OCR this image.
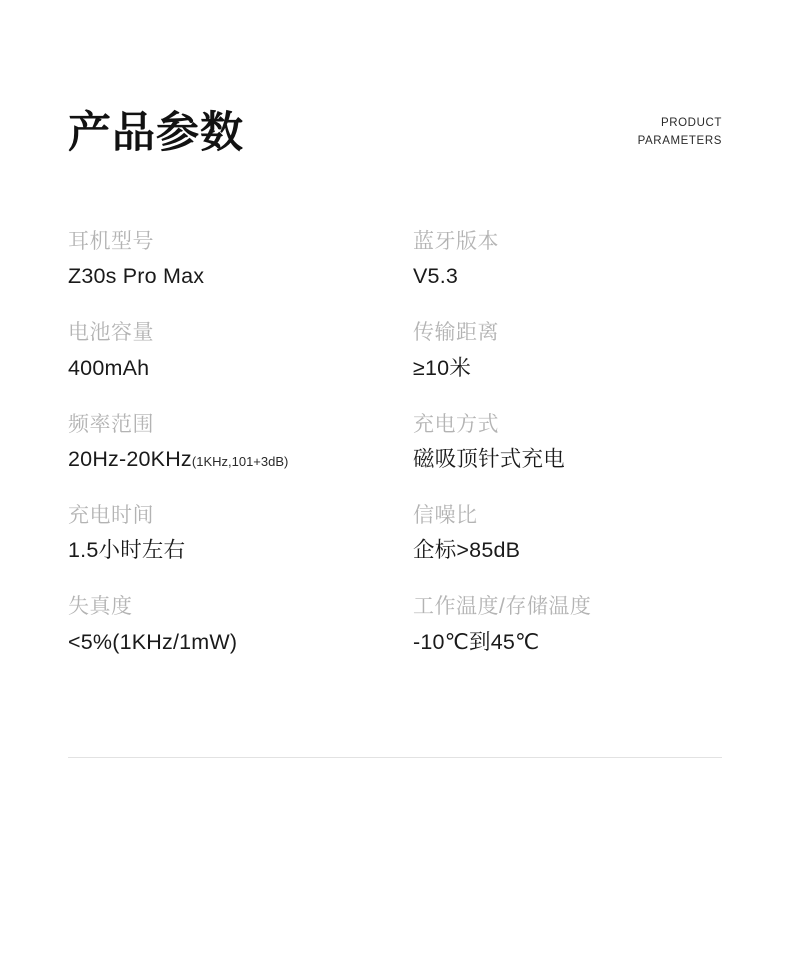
产品参数	PRODUCT
PARAMETERS
耳机型号
Z30s Pro Max
蓝牙版本
V5.3
电池容量
400mAh
传输距离
≥10米
频率范围
20Hz-20KHz(1KHz,101+3dB)
充电方式
磁吸顶针式充电
充电时间
1.5小时左右
信噪比
企标>85dB
失真度
<5%(1KHz/1mW)
工作温度/存储温度
-10℃到45℃
